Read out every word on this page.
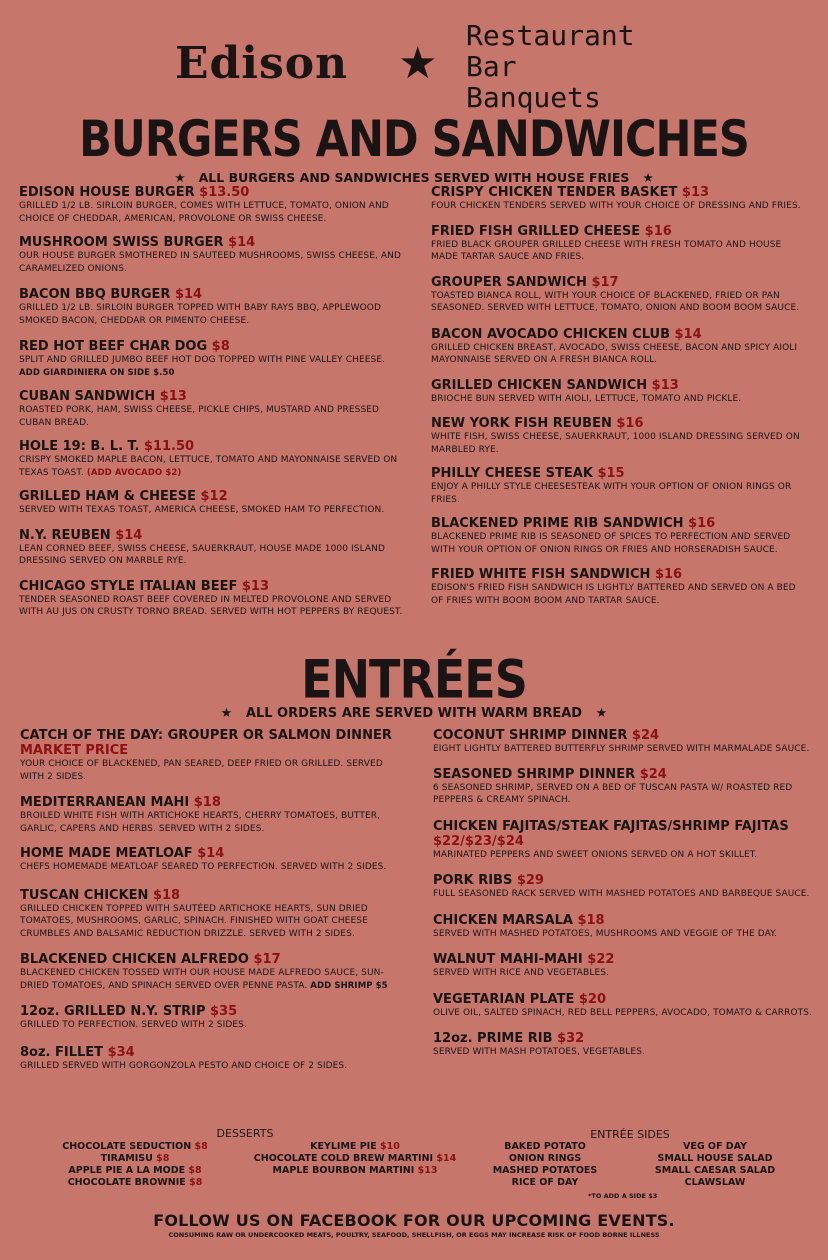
Edison ★
Restaurant
Bar
Banquets
BURGERS AND SANDWICHES
★ ALL BURGERS AND SANDWICHES SERVED WITH HOUSE FRIES ★
EDISON HOUSE BURGER $13.50
GRILLED 1/2 LB. SIRLOIN BURGER, COMES WITH LETTUCE, TOMATO, ONION AND CHOICE OF CHEDDAR, AMERICAN, PROVOLONE OR SWISS CHEESE.
MUSHROOM SWISS BURGER $14
OUR HOUSE BURGER SMOTHERED IN SAUTEED MUSHROOMS, SWISS CHEESE, AND CARAMELIZED ONIONS.
BACON BBQ BURGER $14
GRILLED 1/2 LB. SIRLOIN BURGER TOPPED WITH BABY RAYS BBQ, APPLEWOOD SMOKED BACON, CHEDDAR OR PIMENTO CHEESE.
RED HOT BEEF CHAR DOG $8
SPLIT AND GRILLED JUMBO BEEF HOT DOG TOPPED WITH PINE VALLEY CHEESE. ADD GIARDINIERA ON SIDE $.50
CUBAN SANDWICH $13
ROASTED PORK, HAM, SWISS CHEESE, PICKLE CHIPS, MUSTARD AND PRESSED CUBAN BREAD.
HOLE 19: B. L. T. $11.50
CRISPY SMOKED MAPLE BACON, LETTUCE, TOMATO AND MAYONNAISE SERVED ON TEXAS TOAST. (ADD AVOCADO $2)
GRILLED HAM & CHEESE $12
SERVED WITH TEXAS TOAST, AMERICA CHEESE, SMOKED HAM TO PERFECTION.
N.Y. REUBEN $14
LEAN CORNED BEEF, SWISS CHEESE, SAUERKRAUT, HOUSE MADE 1000 ISLAND DRESSING SERVED ON MARBLE RYE.
CHICAGO STYLE ITALIAN BEEF $13
TENDER SEASONED ROAST BEEF COVERED IN MELTED PROVOLONE AND SERVED WITH AU JUS ON CRUSTY TORNO BREAD. SERVED WITH HOT PEPPERS BY REQUEST.
CRISPY CHICKEN TENDER BASKET $13
FOUR CHICKEN TENDERS SERVED WITH YOUR CHOICE OF DRESSING AND FRIES.
FRIED FISH GRILLED CHEESE $16
FRIED BLACK GROUPER GRILLED CHEESE WITH FRESH TOMATO AND HOUSE MADE TARTAR SAUCE AND FRIES.
GROUPER SANDWICH $17
TOASTED BIANCA ROLL, WITH YOUR CHOICE OF BLACKENED, FRIED OR PAN SEASONED. SERVED WITH LETTUCE, TOMATO, ONION AND BOOM BOOM SAUCE.
BACON AVOCADO CHICKEN CLUB $14
GRILLED CHICKEN BREAST, AVOCADO, SWISS CHEESE, BACON AND SPICY AIOLI MAYONNAISE SERVED ON A FRESH BIANCA ROLL.
GRILLED CHICKEN SANDWICH $13
BRIOCHE BUN SERVED WITH AIOLI, LETTUCE, TOMATO AND PICKLE.
NEW YORK FISH REUBEN $16
WHITE FISH, SWISS CHEESE, SAUERKRAUT, 1000 ISLAND DRESSING SERVED ON MARBLED RYE.
PHILLY CHEESE STEAK $15
ENJOY A PHILLY STYLE CHEESESTEAK WITH YOUR OPTION OF ONION RINGS OR FRIES.
BLACKENED PRIME RIB SANDWICH $16
BLACKENED PRIME RIB IS SEASONED OF SPICES TO PERFECTION AND SERVED WITH YOUR OPTION OF ONION RINGS OR FRIES AND HORSERADISH SAUCE.
FRIED WHITE FISH SANDWICH $16
EDISON'S FRIED FISH SANDWICH IS LIGHTLY BATTERED AND SERVED ON A BED OF FRIES WITH BOOM BOOM AND TARTAR SAUCE.
ENTRÉES
★ ALL ORDERS ARE SERVED WITH WARM BREAD ★
CATCH OF THE DAY: GROUPER OR SALMON DINNER
MARKET PRICE
YOUR CHOICE OF BLACKENED, PAN SEARED, DEEP FRIED OR GRILLED. SERVED WITH 2 SIDES.
MEDITERRANEAN MAHI $18
BROILED WHITE FISH WITH ARTICHOKE HEARTS, CHERRY TOMATOES, BUTTER, GARLIC, CAPERS AND HERBS. SERVED WITH 2 SIDES.
HOME MADE MEATLOAF $14
CHEFS HOMEMADE MEATLOAF SEARED TO PERFECTION. SERVED WITH 2 SIDES.
TUSCAN CHICKEN $18
GRILLED CHICKEN TOPPED WITH SAUTÉED ARTICHOKE HEARTS, SUN DRIED TOMATOES, MUSHROOMS, GARLIC, SPINACH. FINISHED WITH GOAT CHEESE CRUMBLES AND BALSAMIC REDUCTION DRIZZLE. SERVED WITH 2 SIDES.
BLACKENED CHICKEN ALFREDO $17
BLACKENED CHICKEN TOSSED WITH OUR HOUSE MADE ALFREDO SAUCE, SUN-DRIED TOMATOES, AND SPINACH SERVED OVER PENNE PASTA. ADD SHRIMP $5
12oz. GRILLED N.Y. STRIP $35
GRILLED TO PERFECTION. SERVED WITH 2 SIDES.
8oz. FILLET $34
GRILLED SERVED WITH GORGONZOLA PESTO AND CHOICE OF 2 SIDES.
COCONUT SHRIMP DINNER $24
EIGHT LIGHTLY BATTERED BUTTERFLY SHRIMP SERVED WITH MARMALADE SAUCE.
SEASONED SHRIMP DINNER $24
6 SEASONED SHRIMP, SERVED ON A BED OF TUSCAN PASTA W/ ROASTED RED PEPPERS & CREAMY SPINACH.
CHICKEN FAJITAS/STEAK FAJITAS/SHRIMP FAJITAS
$22/$23/$24
MARINATED PEPPERS AND SWEET ONIONS SERVED ON A HOT SKILLET.
PORK RIBS $29
FULL SEASONED RACK SERVED WITH MASHED POTATOES AND BARBEQUE SAUCE.
CHICKEN MARSALA $18
SERVED WITH MASHED POTATOES, MUSHROOMS AND VEGGIE OF THE DAY.
WALNUT MAHI-MAHI $22
SERVED WITH RICE AND VEGETABLES.
VEGETARIAN PLATE $20
OLIVE OIL, SALTED SPINACH, RED BELL PEPPERS, AVOCADO, TOMATO & CARROTS.
12oz. PRIME RIB $32
SERVED WITH MASH POTATOES, VEGETABLES.
DESSERTS
CHOCOLATE SEDUCTION $8
TIRAMISU $8
APPLE PIE A LA MODE $8
CHOCOLATE BROWNIE $8
KEYLIME PIE $10
CHOCOLATE COLD BREW MARTINI $14
MAPLE BOURBON MARTINI $13
ENTRÉE SIDES
BAKED POTATO
ONION RINGS
MASHED POTATOES
RICE OF DAY
VEG OF DAY
SMALL HOUSE SALAD
SMALL CAESAR SALAD
CLAWSLAW
*TO ADD A SIDE $3
FOLLOW US ON FACEBOOK FOR OUR UPCOMING EVENTS.
CONSUMING RAW OR UNDERCOOKED MEATS, POULTRY, SEAFOOD, SHELLFISH, OR EGGS MAY INCREASE RISK OF FOOD BORNE ILLNESS
